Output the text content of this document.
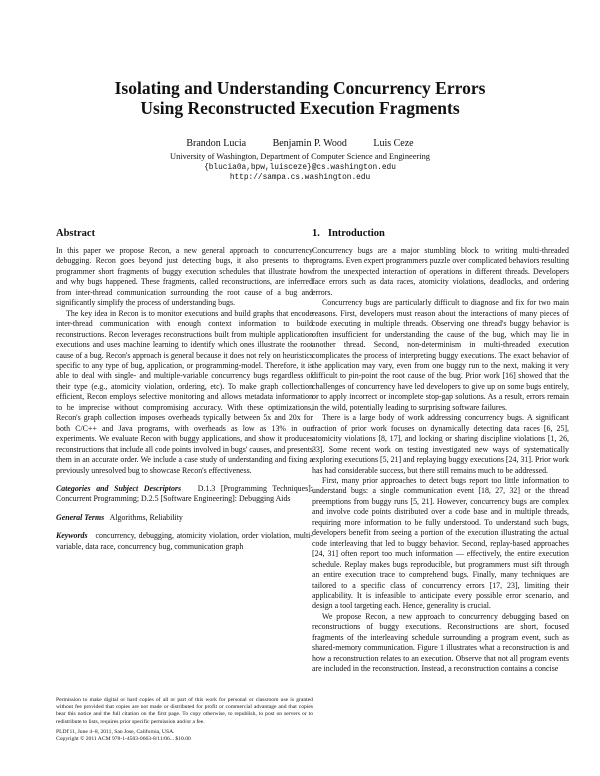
Isolating and Understanding Concurrency Errors
Using Reconstructed Execution Fragments
Brandon Lucia	Benjamin P. Wood	Luis Ceze
University of Washington, Department of Computer Science and Engineering
{blucia0a,bpw,luisceze}@cs.washington.edu
http://sampa.cs.washington.edu
Abstract

In this paper we propose Recon, a new general approach to concurrency debugging. Recon goes beyond just detecting bugs, it also presents to the programmer short fragments of buggy execution schedules that illustrate how and why bugs happened. These fragments, called reconstructions, are inferred from inter-thread communication surrounding the root cause of a bug and significantly simplify the process of understanding bugs.

The key idea in Recon is to monitor executions and build graphs that encode inter-thread communication with enough context information to build reconstructions. Recon leverages reconstructions built from multiple application executions and uses machine learning to identify which ones illustrate the root cause of a bug. Recon's approach is general because it does not rely on heuristics specific to any type of bug, application, or programming-model. Therefore, it is able to deal with single- and multiple-variable concurrency bugs regardless of their type (e.g., atomicity violation, ordering, etc). To make graph collection efficient, Recon employs selective monitoring and allows metadata information to be imprecise without compromising accuracy. With these optimizations, Recon's graph collection imposes overheads typically between 5x and 20x for both C/C++ and Java programs, with overheads as low as 13% in our experiments. We evaluate Recon with buggy applications, and show it produces reconstructions that include all code points involved in bugs' causes, and presents them in an accurate order. We include a case study of understanding and fixing a previously unresolved bug to showcase Recon's effectiveness.

Categories and Subject Descriptors D.1.3 [Programming Techniques]: Concurrent Programming; D.2.5 [Software Engineering]: Debugging Aids

General Terms Algorithms, Reliability

Keywords concurrency, debugging, atomicity violation, order violation, multi-variable, data race, concurrency bug, communication graph

Permission to make digital or hard copies of all or part of this work for personal or classroom use is granted without fee provided that copies are not made or distributed for profit or commercial advantage and that copies bear this notice and the full citation on the first page. To copy otherwise, to republish, to post on servers or to redistribute to lists, requires prior specific permission and/or a fee.
PLDI'11, June 4–8, 2011, San Jose, California, USA.
Copyright © 2011 ACM 978-1-4503-0663-8/11/06... $10.00
1. Introduction

Concurrency bugs are a major stumbling block to writing multi-threaded programs. Even expert programmers puzzle over complicated behaviors resulting from the unexpected interaction of operations in different threads. Developers face errors such as data races, atomicity violations, deadlocks, and ordering errors.

Concurrency bugs are particularly difficult to diagnose and fix for two main reasons. First, developers must reason about the interactions of many pieces of code executing in multiple threads. Observing one thread's buggy behavior is often insufficient for understanding the cause of the bug, which may lie in another thread. Second, non-determinism in multi-threaded execution complicates the process of interpreting buggy executions. The exact behavior of the application may vary, even from one buggy run to the next, making it very difficult to pin-point the root cause of the bug. Prior work [16] showed that the challenges of concurrency have led developers to give up on some bugs entirely, or to apply incorrect or incomplete stop-gap solutions. As a result, errors remain in the wild, potentially leading to surprising software failures.

There is a large body of work addressing concurrency bugs. A significant fraction of prior work focuses on dynamically detecting data races [6, 25], atomicity violations [8, 17], and locking or sharing discipline violations [1, 26, 33]. Some recent work on testing investigated new ways of systematically exploring executions [5, 21] and replaying buggy executions [24, 31]. Prior work has had considerable success, but there still remains much to be addressed.

First, many prior approaches to detect bugs report too little information to understand bugs: a single communication event [18, 27, 32] or the thread preemptions from buggy runs [5, 21]. However, concurrency bugs are complex and involve code points distributed over a code base and in multiple threads, requiring more information to be fully understood. To understand such bugs, developers benefit from seeing a portion of the execution illustrating the actual code interleaving that led to buggy behavior. Second, replay-based approaches [24, 31] often report too much information — effectively, the entire execution schedule. Replay makes bugs reproducible, but programmers must sift through an entire execution trace to comprehend bugs. Finally, many techniques are tailored to a specific class of concurrency errors [17, 23], limiting their applicability. It is infeasible to anticipate every possible error scenario, and design a tool targeting each. Hence, generality is crucial.

We propose Recon, a new approach to concurrency debugging based on reconstructions of buggy executions. Reconstructions are short, focused fragments of the interleaving schedule surrounding a program event, such as shared-memory communication. Figure 1 illustrates what a reconstruction is and how a reconstruction relates to an execution. Observe that not all program events are included in the reconstruction. Instead, a reconstruction contains a concise
